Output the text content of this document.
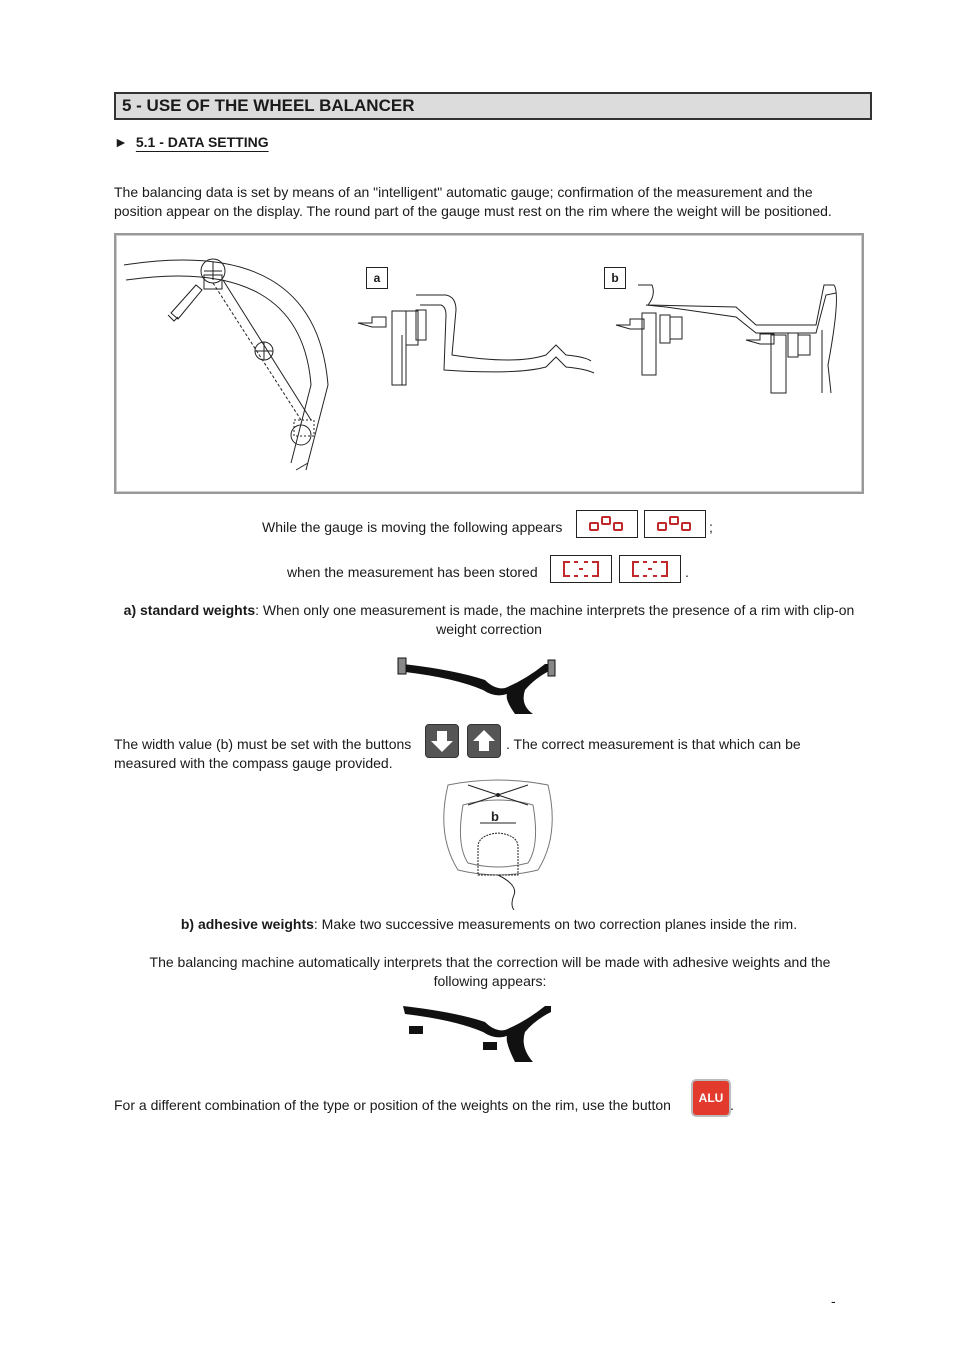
5 - USE OF THE WHEEL BALANCER
► 5.1 - DATA SETTING
The balancing data is set by means of an "intelligent" automatic gauge; confirmation of the measurement and the position appear on the display. The round part of the gauge must rest on the rim where the weight will be positioned.
a	b
While the gauge is moving the following appears	;
when the measurement has been stored	.
a) standard weights: When only one measurement is made, the machine interprets the presence of a rim with clip-on weight correction
The width value (b) must be set with the buttons	. The correct measurement is that which can be measured with the compass gauge provided.
b
b) adhesive weights: Make two successive measurements on two correction planes inside the rim.
The balancing machine automatically interprets that the correction will be made with adhesive weights and the following appears:
For a different combination of the type or position of the weights on the rim, use the button	ALU .
-
